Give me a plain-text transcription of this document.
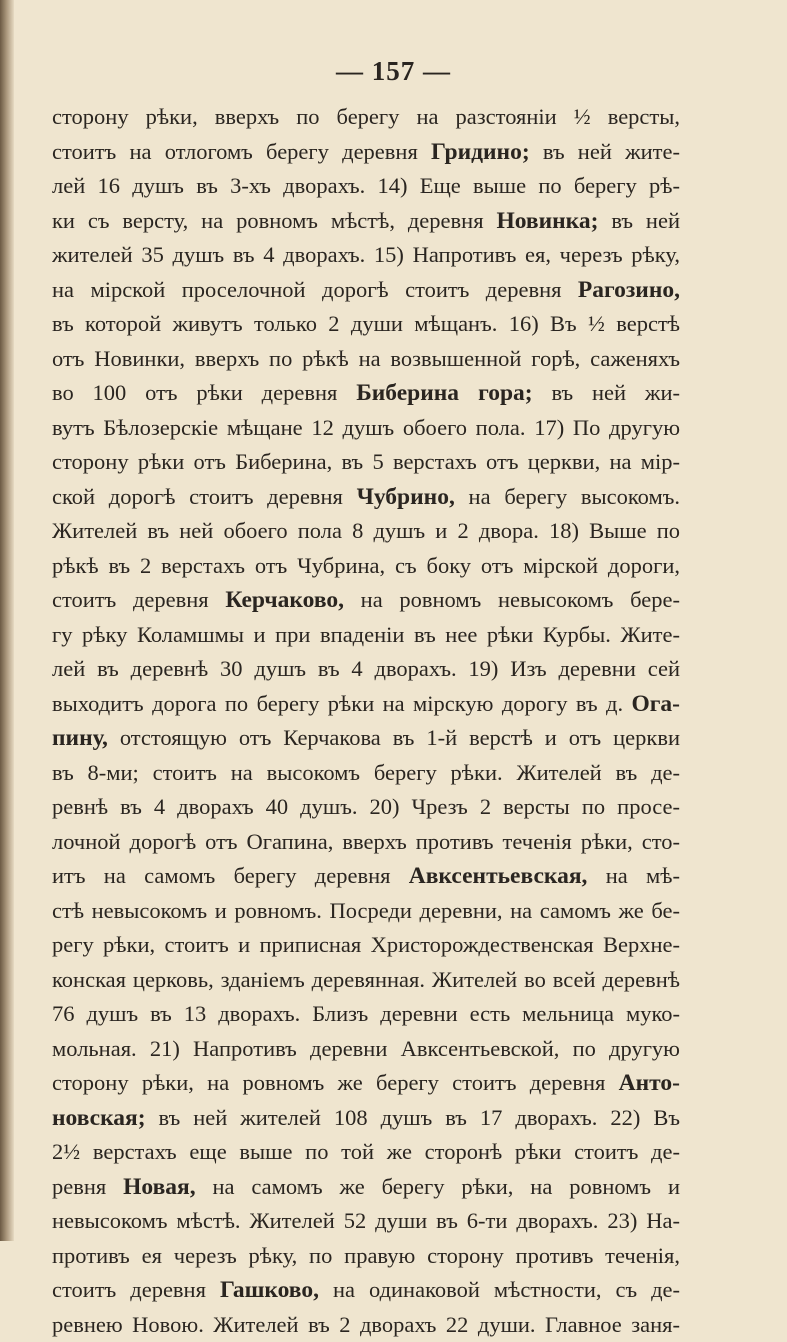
— 157 —
сторону рѣки, вверхъ по берегу на разстояніи ½ версты,
стоитъ на отлогомъ берегу деревня Гридино; въ ней жите-
лей 16 душъ въ 3-хъ дворахъ. 14) Еще выше по берегу рѣ-
ки съ версту, на ровномъ мѣстѣ, деревня Новинка; въ ней
жителей 35 душъ въ 4 дворахъ. 15) Напротивъ ея, черезъ рѣку,
на мірской проселочной дорогѣ стоитъ деревня Рагозино,
въ которой живутъ только 2 души мѣщанъ. 16) Въ ½ верстѣ
отъ Новинки, вверхъ по рѣкѣ на возвышенной горѣ, саженяхъ
во 100 отъ рѣки деревня Биберина гора; въ ней жи-
вутъ Бѣлозерскіе мѣщане 12 душъ обоего пола. 17) По другую
сторону рѣки отъ Биберина, въ 5 верстахъ отъ церкви, на мір-
ской дорогѣ стоитъ деревня Чубрино, на берегу высокомъ.
Жителей въ ней обоего пола 8 душъ и 2 двора. 18) Выше по
рѣкѣ въ 2 верстахъ отъ Чубрина, съ боку отъ мірской дороги,
стоитъ деревня Керчаково, на ровномъ невысокомъ бере-
гу рѣку Коламшмы и при впаденіи въ нее рѣки Курбы. Жите-
лей въ деревнѣ 30 душъ въ 4 дворахъ. 19) Изъ деревни сей
выходитъ дорога по берегу рѣки на мірскую дорогу въ д. Ога-
пину, отстоящую отъ Керчакова въ 1-й верстѣ и отъ церкви
въ 8-ми; стоитъ на высокомъ берегу рѣки. Жителей въ де-
ревнѣ въ 4 дворахъ 40 душъ. 20) Чрезъ 2 версты по просе-
лочной дорогѣ отъ Огапина, вверхъ противъ теченія рѣки, сто-
итъ на самомъ берегу деревня Авксентьевская, на мѣ-
стѣ невысокомъ и ровномъ. Посреди деревни, на самомъ же бе-
регу рѣки, стоитъ и приписная Христорождественская Верхне-
конская церковь, зданіемъ деревянная. Жителей во всей деревнѣ
76 душъ въ 13 дворахъ. Близъ деревни есть мельница муко-
мольная. 21) Напротивъ деревни Авксентьевской, по другую
сторону рѣки, на ровномъ же берегу стоитъ деревня Анто-
новская; въ ней жителей 108 душъ въ 17 дворахъ. 22) Въ
2½ верстахъ еще выше по той же сторонѣ рѣки стоитъ де-
ревня Новая, на самомъ же берегу рѣки, на ровномъ и
невысокомъ мѣстѣ. Жителей 52 души въ 6-ти дворахъ. 23) На-
противъ ея черезъ рѣку, по правую сторону противъ теченія,
стоитъ деревня Гашково, на одинаковой мѣстности, съ де-
ревнею Новою. Жителей въ 2 дворахъ 22 души. Главное заня-
